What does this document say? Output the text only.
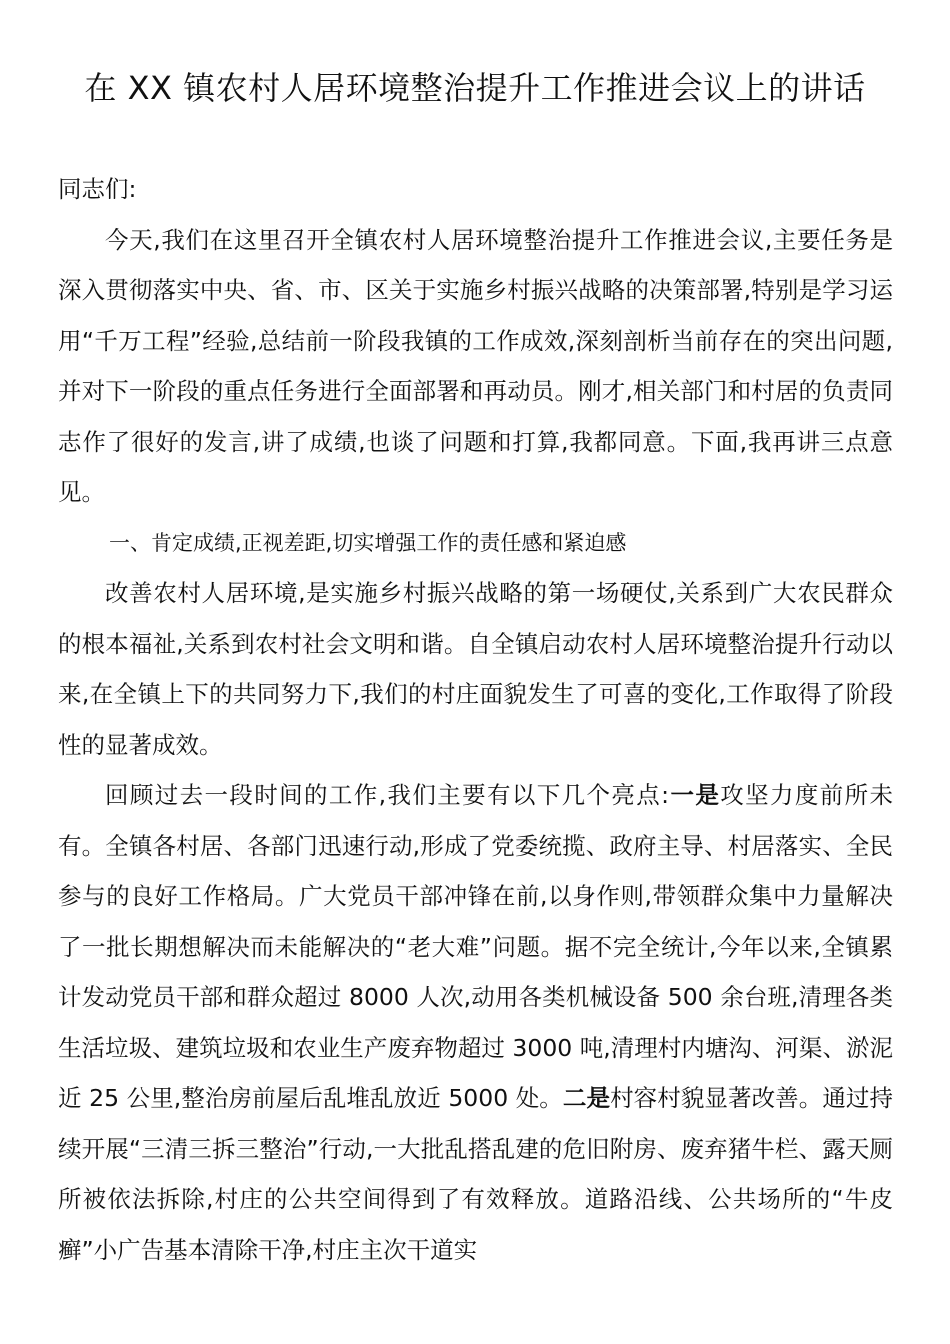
在 XX 镇农村人居环境整治提升工作推进会议上的讲话

同志们:

今天,我们在这里召开全镇农村人居环境整治提升工作推进会议,主要任务是深入贯彻落实中央、省、市、区关于实施乡村振兴战略的决策部署,特别是学习运用“千万工程”经验,总结前一阶段我镇的工作成效,深刻剖析当前存在的突出问题,并对下一阶段的重点任务进行全面部署和再动员。刚才,相关部门和村居的负责同志作了很好的发言,讲了成绩,也谈了问题和打算,我都同意。下面,我再讲三点意见。

一、肯定成绩,正视差距,切实增强工作的责任感和紧迫感

改善农村人居环境,是实施乡村振兴战略的第一场硬仗,关系到广大农民群众的根本福祉,关系到农村社会文明和谐。自全镇启动农村人居环境整治提升行动以来,在全镇上下的共同努力下,我们的村庄面貌发生了可喜的变化,工作取得了阶段性的显著成效。

回顾过去一段时间的工作,我们主要有以下几个亮点:一是攻坚力度前所未有。全镇各村居、各部门迅速行动,形成了党委统揽、政府主导、村居落实、全民参与的良好工作格局。广大党员干部冲锋在前,以身作则,带领群众集中力量解决了一批长期想解决而未能解决的“老大难”问题。据不完全统计,今年以来,全镇累计发动党员干部和群众超过 8000 人次,动用各类机械设备 500 余台班,清理各类生活垃圾、建筑垃圾和农业生产废弃物超过 3000 吨,清理村内塘沟、河渠、淤泥近 25 公里,整治房前屋后乱堆乱放近 5000 处。二是村容村貌显著改善。通过持续开展“三清三拆三整治”行动,一大批乱搭乱建的危旧附房、废弃猪牛栏、露天厕所被依法拆除,村庄的公共空间得到了有效释放。道路沿线、公共场所的“牛皮癣”小广告基本清除干净,村庄主次干道实
